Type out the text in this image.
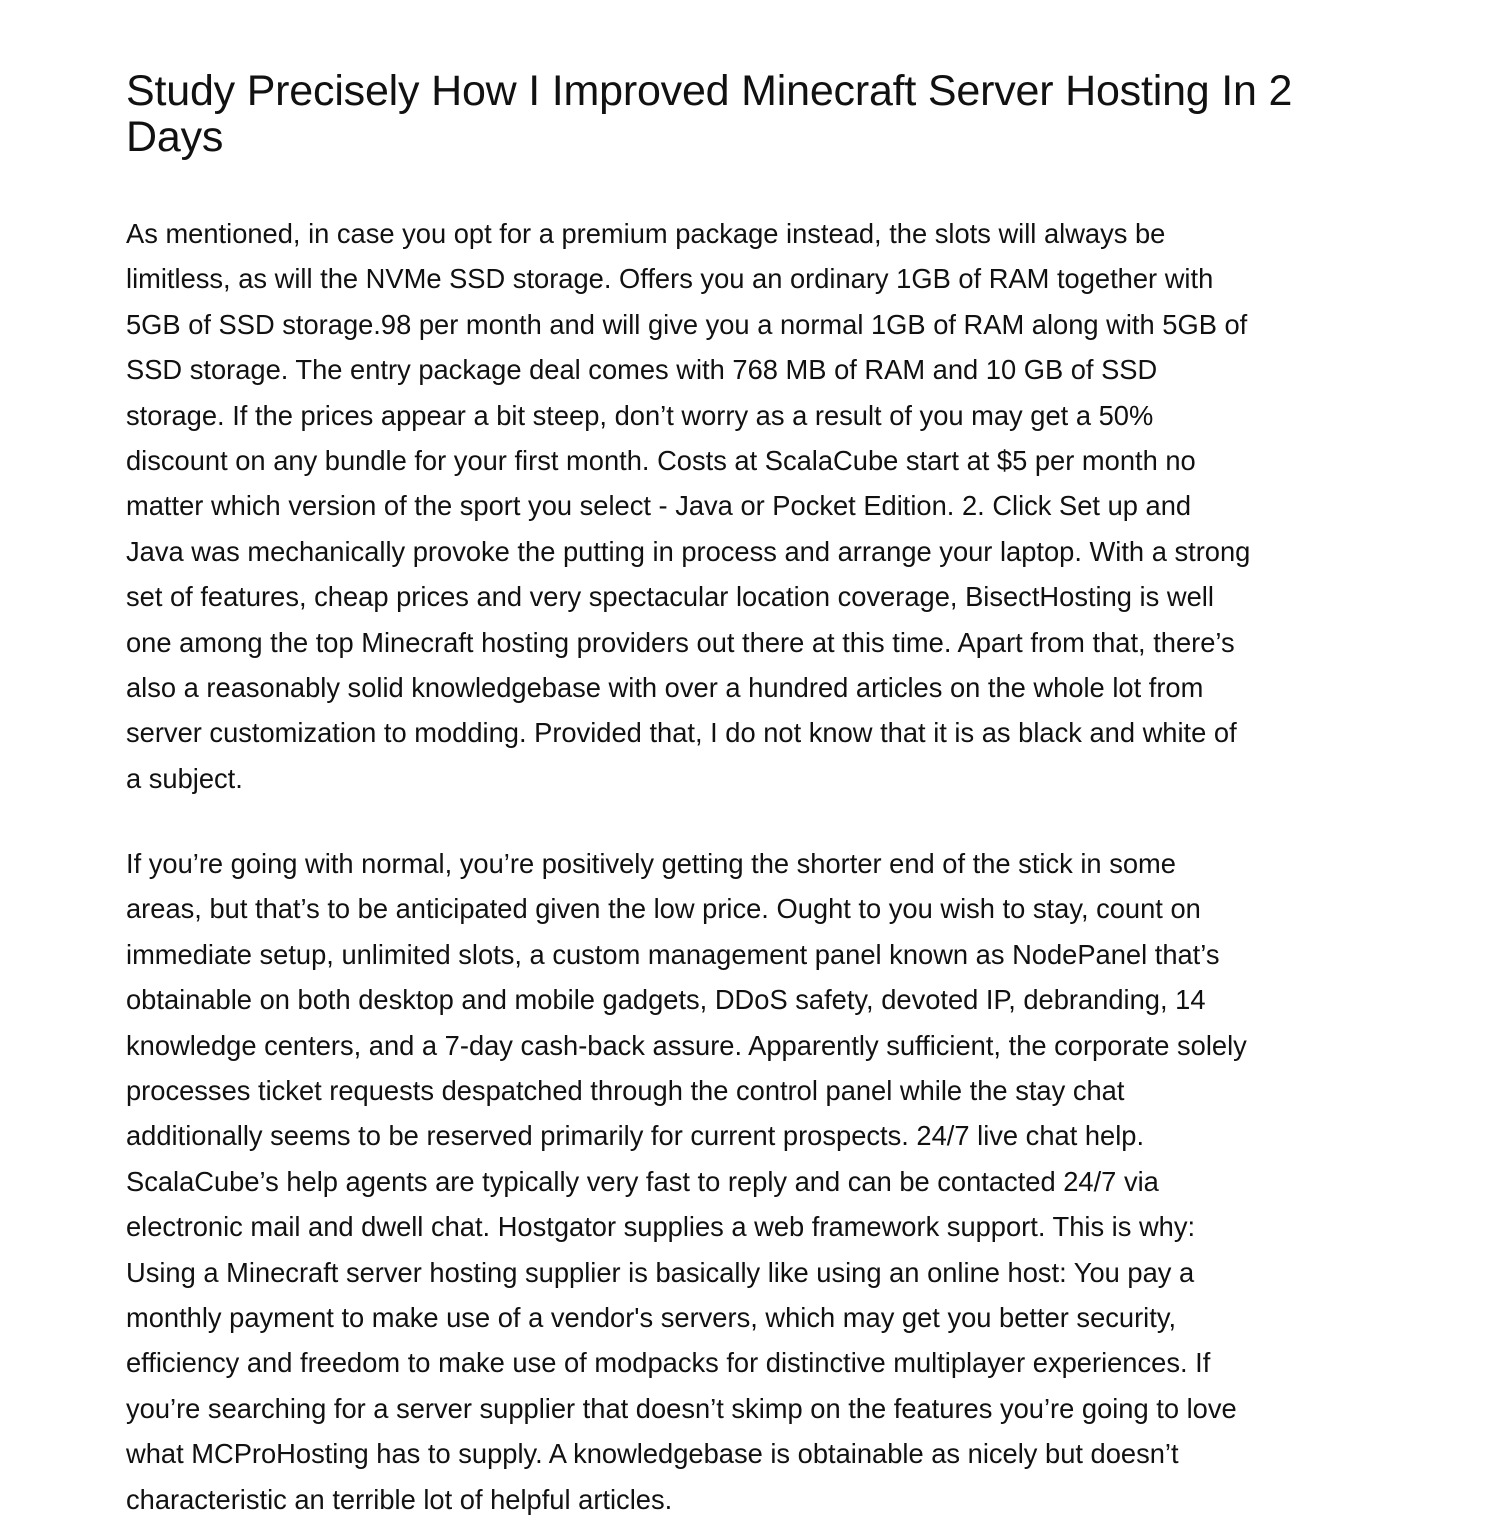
Study Precisely How I Improved Minecraft Server Hosting In 2
Days

As mentioned, in case you opt for a premium package instead, the slots will always be
limitless, as will the NVMe SSD storage. Offers you an ordinary 1GB of RAM together with
5GB of SSD storage.98 per month and will give you a normal 1GB of RAM along with 5GB of
SSD storage. The entry package deal comes with 768 MB of RAM and 10 GB of SSD
storage. If the prices appear a bit steep, don’t worry as a result of you may get a 50%
discount on any bundle for your first month. Costs at ScalaCube start at $5 per month no
matter which version of the sport you select - Java or Pocket Edition. 2. Click Set up and
Java was mechanically provoke the putting in process and arrange your laptop. With a strong
set of features, cheap prices and very spectacular location coverage, BisectHosting is well
one among the top Minecraft hosting providers out there at this time. Apart from that, there’s
also a reasonably solid knowledgebase with over a hundred articles on the whole lot from
server customization to modding. Provided that, I do not know that it is as black and white of
a subject.

If you’re going with normal, you’re positively getting the shorter end of the stick in some
areas, but that’s to be anticipated given the low price. Ought to you wish to stay, count on
immediate setup, unlimited slots, a custom management panel known as NodePanel that’s
obtainable on both desktop and mobile gadgets, DDoS safety, devoted IP, debranding, 14
knowledge centers, and a 7-day cash-back assure. Apparently sufficient, the corporate solely
processes ticket requests despatched through the control panel while the stay chat
additionally seems to be reserved primarily for current prospects. 24/7 live chat help.
ScalaCube’s help agents are typically very fast to reply and can be contacted 24/7 via
electronic mail and dwell chat. Hostgator supplies a web framework support. This is why:
Using a Minecraft server hosting supplier is basically like using an online host: You pay a
monthly payment to make use of a vendor's servers, which may get you better security,
efficiency and freedom to make use of modpacks for distinctive multiplayer experiences. If
you’re searching for a server supplier that doesn’t skimp on the features you’re going to love
what MCProHosting has to supply. A knowledgebase is obtainable as nicely but doesn’t
characteristic an terrible lot of helpful articles.
